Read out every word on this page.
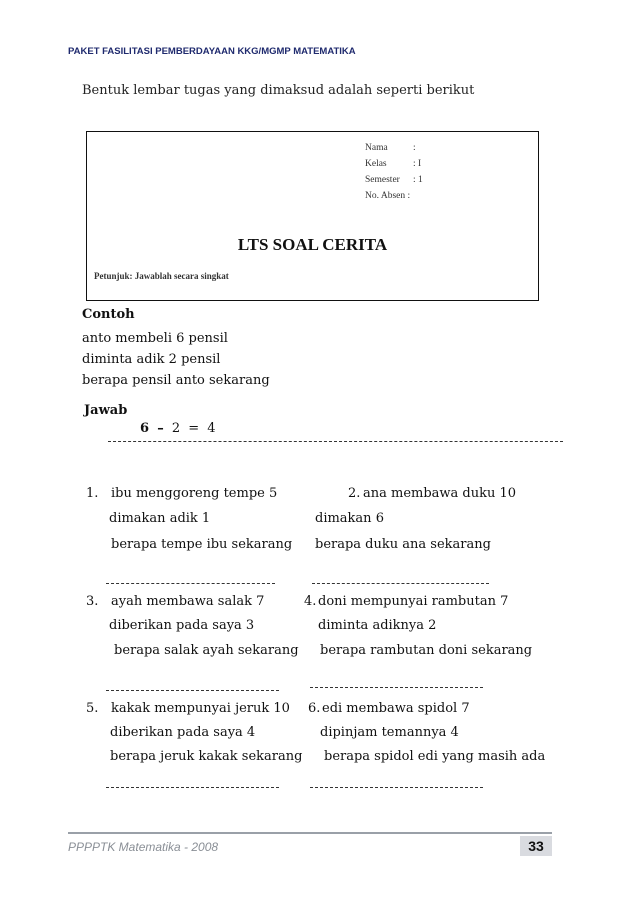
PAKET FASILITASI PEMBERDAYAAN KKG/MGMP MATEMATIKA
Bentuk lembar tugas yang dimaksud adalah seperti berikut
Nama	:
Kelas	: I
Semester	: 1
No. Absen :
LTS SOAL CERITA
Petunjuk: Jawablah secara singkat
Contoh
anto membeli 6 pensil
diminta adik 2 pensil
berapa pensil anto sekarang
Jawab
6 – 2 = 4
1. ibu menggoreng tempe 5
dimakan adik 1
berapa tempe ibu sekarang
2. ana membawa duku 10
dimakan 6
berapa duku ana sekarang
3. ayah membawa salak 7
diberikan pada saya 3
berapa salak ayah sekarang
4. doni mempunyai rambutan 7
diminta adiknya 2
berapa rambutan doni sekarang
5. kakak mempunyai jeruk 10
diberikan pada saya 4
berapa jeruk kakak sekarang
6. edi membawa spidol 7
dipinjam temannya 4
berapa spidol edi yang masih ada
PPPPTK Matematika - 2008	33
